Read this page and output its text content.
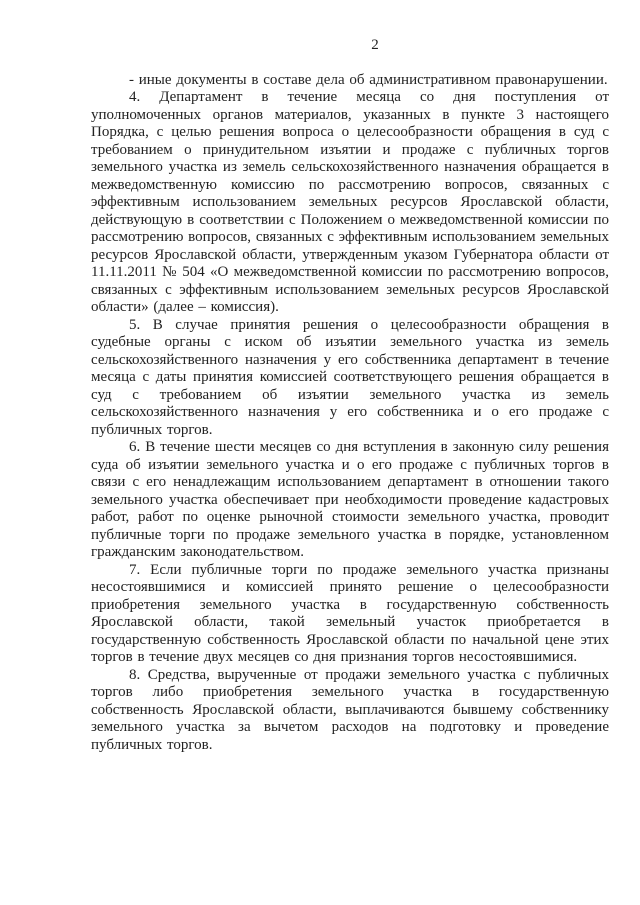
2

- иные документы в составе дела об административном правонарушении.

4. Департамент в течение месяца со дня поступления от уполномоченных органов материалов, указанных в пункте 3 настоящего Порядка, с целью решения вопроса о целесообразности обращения в суд с требованием о принудительном изъятии и продаже с публичных торгов земельного участка из земель сельскохозяйственного назначения обращается в межведомственную комиссию по рассмотрению вопросов, связанных с эффективным использованием земельных ресурсов Ярославской области, действующую в соответствии с Положением о межведомственной комиссии по рассмотрению вопросов, связанных с эффективным использованием земельных ресурсов Ярославской области, утвержденным указом Губернатора области от 11.11.2011 № 504 «О межведомственной комиссии по рассмотрению вопросов, связанных с эффективным использованием земельных ресурсов Ярославской области» (далее – комиссия).

5. В случае принятия решения о целесообразности обращения в судебные органы с иском об изъятии земельного участка из земель сельскохозяйственного назначения у его собственника департамент в течение месяца с даты принятия комиссией соответствующего решения обращается в суд с требованием об изъятии земельного участка из земель сельскохозяйственного назначения у его собственника и о его продаже с публичных торгов.

6. В течение шести месяцев со дня вступления в законную силу решения суда об изъятии земельного участка и о его продаже с публичных торгов в связи с его ненадлежащим использованием департамент в отношении такого земельного участка обеспечивает при необходимости проведение кадастровых работ, работ по оценке рыночной стоимости земельного участка, проводит публичные торги по продаже земельного участка в порядке, установленном гражданским законодательством.

7. Если публичные торги по продаже земельного участка признаны несостоявшимися и комиссией принято решение о целесообразности приобретения земельного участка в государственную собственность Ярославской области, такой земельный участок приобретается в государственную собственность Ярославской области по начальной цене этих торгов в течение двух месяцев со дня признания торгов несостоявшимися.

8. Средства, вырученные от продажи земельного участка с публичных торгов либо приобретения земельного участка в государственную собственность Ярославской области, выплачиваются бывшему собственнику земельного участка за вычетом расходов на подготовку и проведение публичных торгов.
